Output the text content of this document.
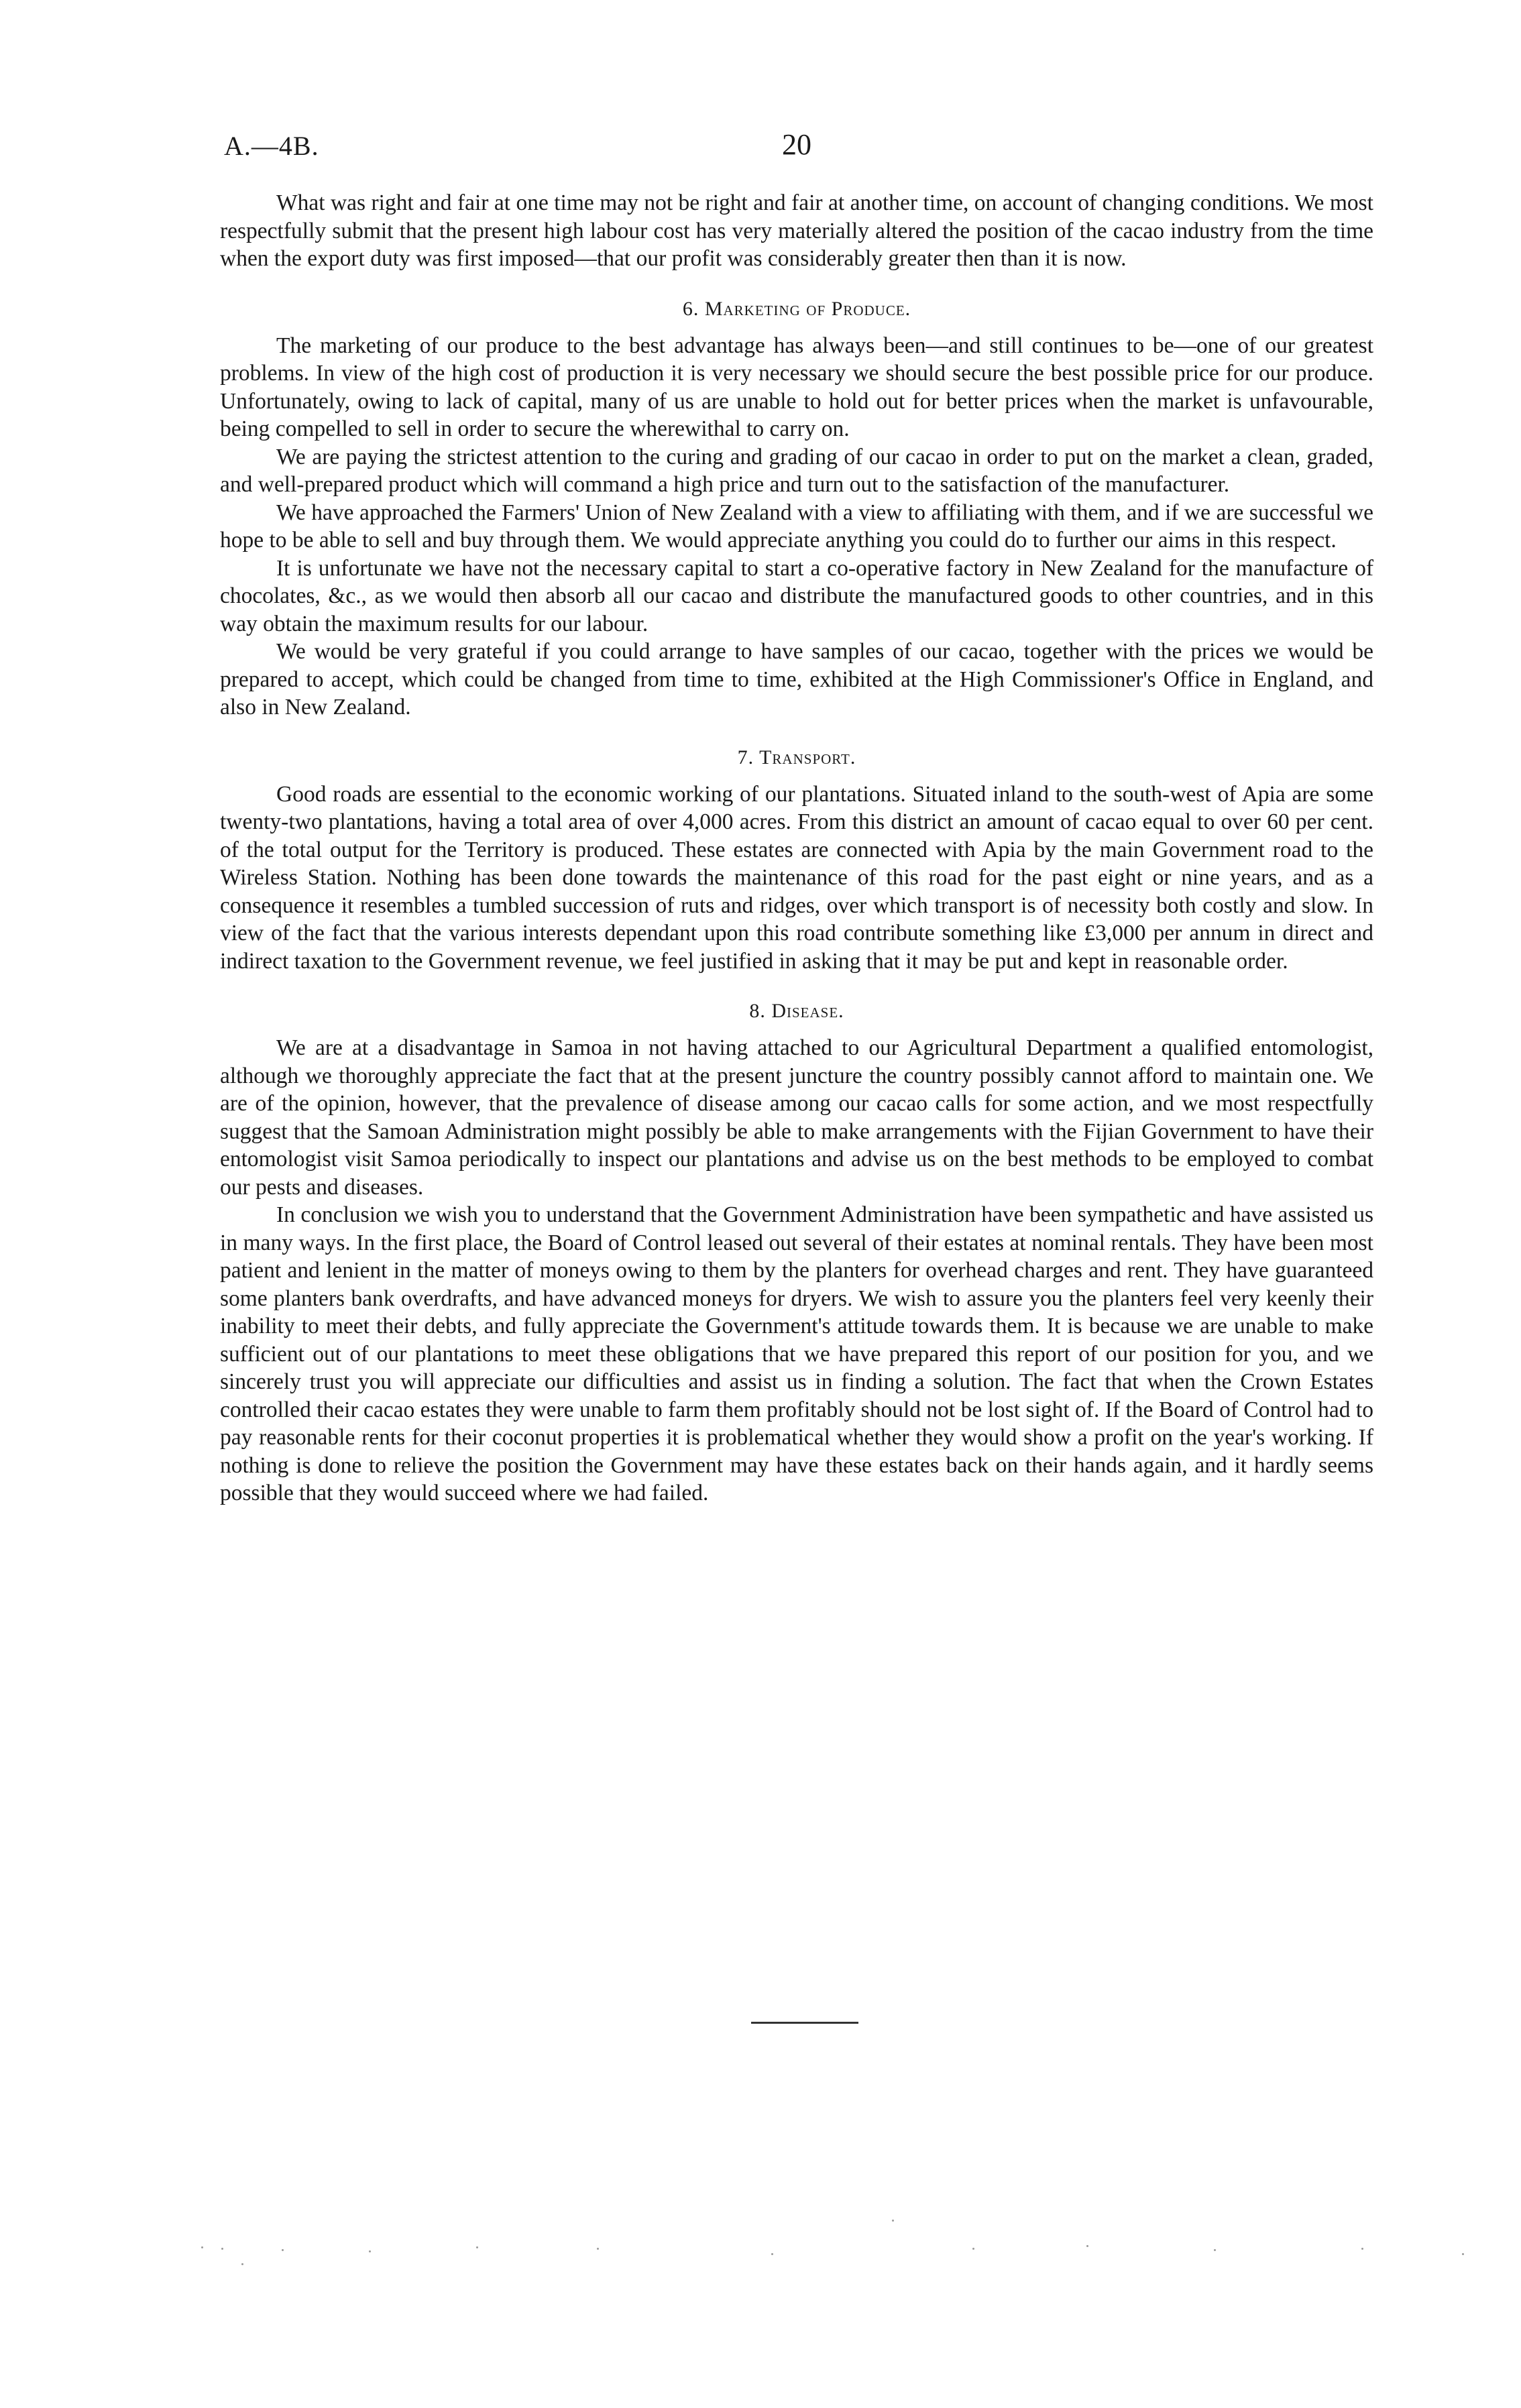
A.—4B.	20

What was right and fair at one time may not be right and fair at another time, on account of changing conditions. We most respectfully submit that the present high labour cost has very materially altered the position of the cacao industry from the time when the export duty was first imposed—that our profit was considerably greater then than it is now.

6. Marketing of Produce.

The marketing of our produce to the best advantage has always been—and still continues to be—one of our greatest problems. In view of the high cost of production it is very necessary we should secure the best possible price for our produce. Unfortunately, owing to lack of capital, many of us are unable to hold out for better prices when the market is unfavourable, being compelled to sell in order to secure the wherewithal to carry on.

We are paying the strictest attention to the curing and grading of our cacao in order to put on the market a clean, graded, and well-prepared product which will command a high price and turn out to the satisfaction of the manufacturer.

We have approached the Farmers' Union of New Zealand with a view to affiliating with them, and if we are successful we hope to be able to sell and buy through them. We would appreciate anything you could do to further our aims in this respect.

It is unfortunate we have not the necessary capital to start a co-operative factory in New Zealand for the manufacture of chocolates, &c., as we would then absorb all our cacao and distribute the manufactured goods to other countries, and in this way obtain the maximum results for our labour.

We would be very grateful if you could arrange to have samples of our cacao, together with the prices we would be prepared to accept, which could be changed from time to time, exhibited at the High Commissioner's Office in England, and also in New Zealand.

7. Transport.

Good roads are essential to the economic working of our plantations. Situated inland to the south-west of Apia are some twenty-two plantations, having a total area of over 4,000 acres. From this district an amount of cacao equal to over 60 per cent. of the total output for the Territory is produced. These estates are connected with Apia by the main Government road to the Wireless Station. Nothing has been done towards the maintenance of this road for the past eight or nine years, and as a consequence it resembles a tumbled succession of ruts and ridges, over which transport is of necessity both costly and slow. In view of the fact that the various interests dependant upon this road contribute something like £3,000 per annum in direct and indirect taxation to the Government revenue, we feel justified in asking that it may be put and kept in reasonable order.

8. Disease.

We are at a disadvantage in Samoa in not having attached to our Agricultural Department a qualified entomologist, although we thoroughly appreciate the fact that at the present juncture the country possibly cannot afford to maintain one. We are of the opinion, however, that the prevalence of disease among our cacao calls for some action, and we most respectfully suggest that the Samoan Administration might possibly be able to make arrangements with the Fijian Government to have their entomologist visit Samoa periodically to inspect our plantations and advise us on the best methods to be employed to combat our pests and diseases.

In conclusion we wish you to understand that the Government Administration have been sympathetic and have assisted us in many ways. In the first place, the Board of Control leased out several of their estates at nominal rentals. They have been most patient and lenient in the matter of moneys owing to them by the planters for overhead charges and rent. They have guaranteed some planters bank overdrafts, and have advanced moneys for dryers. We wish to assure you the planters feel very keenly their inability to meet their debts, and fully appreciate the Government's attitude towards them. It is because we are unable to make sufficient out of our plantations to meet these obligations that we have prepared this report of our position for you, and we sincerely trust you will appreciate our difficulties and assist us in finding a solution. The fact that when the Crown Estates controlled their cacao estates they were unable to farm them profitably should not be lost sight of. If the Board of Control had to pay reasonable rents for their coconut properties it is problematical whether they would show a profit on the year's working. If nothing is done to relieve the position the Government may have these estates back on their hands again, and it hardly seems possible that they would succeed where we had failed.
